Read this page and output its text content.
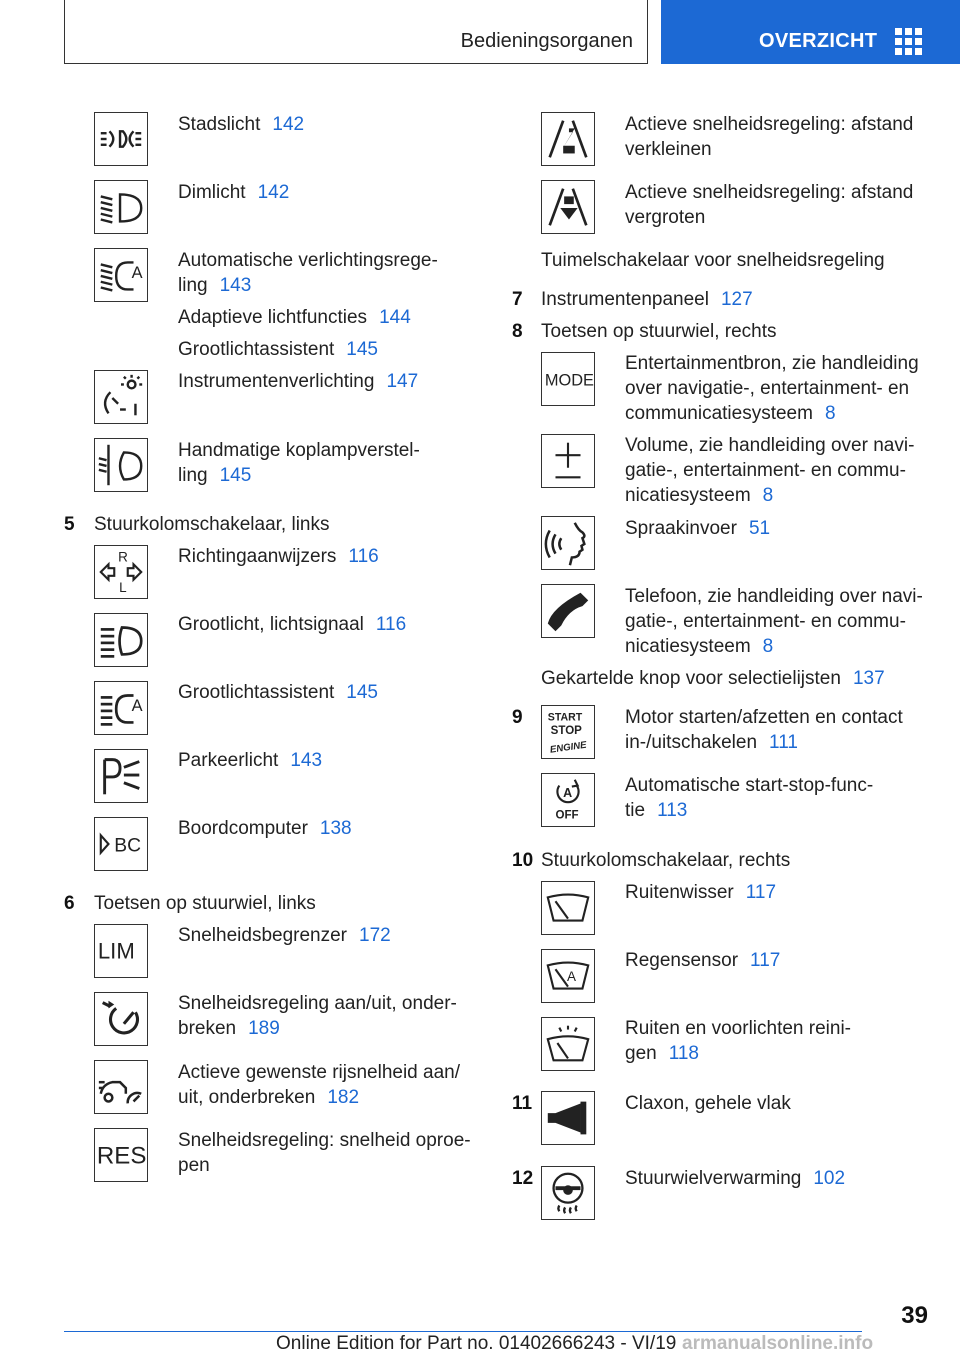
Bedieningsorganen	OVERZICHT
Stadslicht 142
Dimlicht 142
A
Automatische verlichtingsrege-
ling 143
Adaptieve lichtfuncties 144
Grootlichtassistent 145
Instrumentenverlichting 147
Handmatige koplampverstel-
ling 145
5 Stuurkolomschakelaar, links
R
L
Richtingaanwijzers 116
Grootlicht, lichtsignaal 116
A
Grootlichtassistent 145
Parkeerlicht 143
BC
Boordcomputer 138
6 Toetsen op stuurwiel, links
LIM
Snelheidsbegrenzer 172
Snelheidsregeling aan/uit, onder-
breken 189
Actieve gewenste rijsnelheid aan/
uit, onderbreken 182
RES
Snelheidsregeling: snelheid oproe-
pen
Actieve snelheidsregeling: afstand
verkleinen
Actieve snelheidsregeling: afstand
vergroten
Tuimelschakelaar voor snelheidsregeling
7 Instrumentenpaneel 127
8 Toetsen op stuurwiel, rechts
MODE
Entertainmentbron, zie handleiding
over navigatie-, entertainment- en
communicatiesysteem 8
Volume, zie handleiding over navi-
gatie-, entertainment- en commu-
nicatiesysteem 8
Spraakinvoer 51
Telefoon, zie handleiding over navi-
gatie-, entertainment- en commu-
nicatiesysteem 8
Gekartelde knop voor selectielijsten 137
9 START
STOP
ENGINE
Motor starten/afzetten en contact
in-/uitschakelen 111
A
OFF
Automatische start-stop-func-
tie 113
10 Stuurkolomschakelaar, rechts
Ruitenwisser 117
A
Regensensor 117
Ruiten en voorlichten reini-
gen 118
11	Claxon, gehele vlak
12	Stuurwielverwarming 102
39
Online Edition for Part no. 01402666243 - VI/19 armanualsonline.info
